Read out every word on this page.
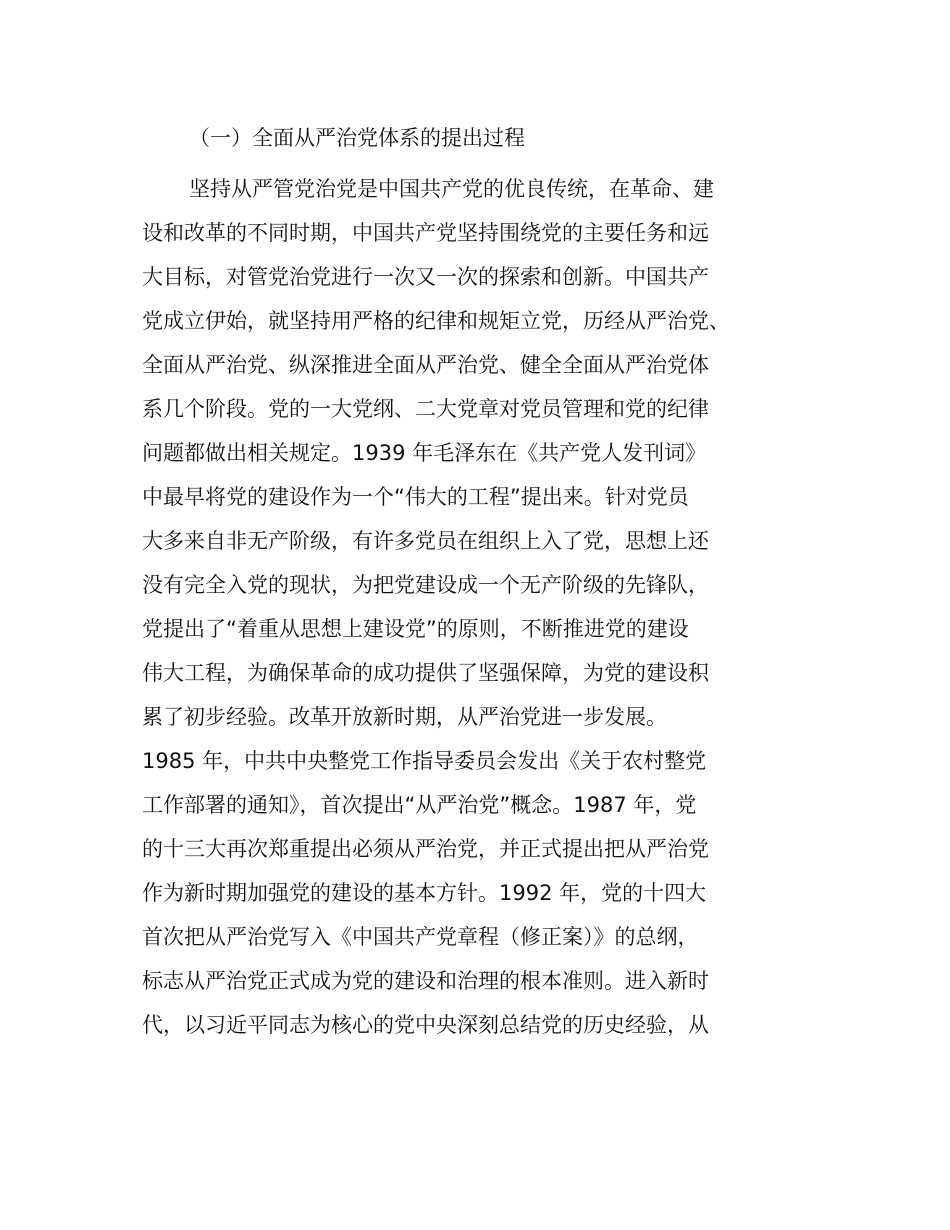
（一）全面从严治党体系的提出过程

坚持从严管党治党是中国共产党的优良传统，在革命、建

设和改革的不同时期，中国共产党坚持围绕党的主要任务和远

大目标，对管党治党进行一次又一次的探索和创新。中国共产

党成立伊始，就坚持用严格的纪律和规矩立党，历经从严治党、

全面从严治党、纵深推进全面从严治党、健全全面从严治党体

系几个阶段。党的一大党纲、二大党章对党员管理和党的纪律

问题都做出相关规定。1939 年毛泽东在《共产党人发刊词》

中最早将党的建设作为一个“伟大的工程”提出来。针对党员

大多来自非无产阶级，有许多党员在组织上入了党，思想上还

没有完全入党的现状，为把党建设成一个无产阶级的先锋队，

党提出了“着重从思想上建设党”的原则，不断推进党的建设

伟大工程，为确保革命的成功提供了坚强保障，为党的建设积

累了初步经验。改革开放新时期，从严治党进一步发展。

1985 年，中共中央整党工作指导委员会发出《关于农村整党

工作部署的通知》，首次提出“从严治党”概念。1987 年，党

的十三大再次郑重提出必须从严治党，并正式提出把从严治党

作为新时期加强党的建设的基本方针。1992 年，党的十四大

首次把从严治党写入《中国共产党章程（修正案）》的总纲，

标志从严治党正式成为党的建设和治理的根本准则。进入新时

代，以习近平同志为核心的党中央深刻总结党的历史经验，从
